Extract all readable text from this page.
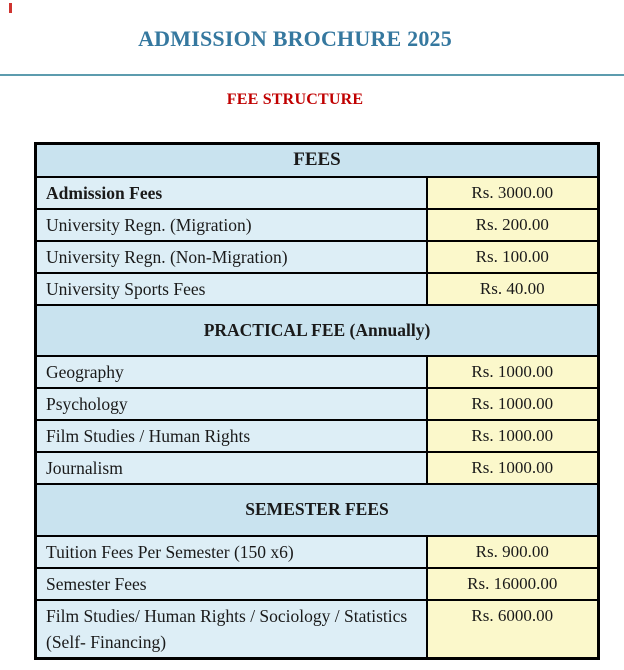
ADMISSION BROCHURE 2025
FEE STRUCTURE
FEES	
Admission Fees	Rs. 3000.00
University Regn. (Migration)	Rs. 200.00
University Regn. (Non-Migration)	Rs. 100.00
University Sports Fees	Rs. 40.00
PRACTICAL FEE (Annually)	
Geography	Rs. 1000.00
Psychology	Rs. 1000.00
Film Studies / Human Rights	Rs. 1000.00
Journalism	Rs. 1000.00
SEMESTER FEES	
Tuition Fees Per Semester (150 x6)	Rs. 900.00
Semester Fees	Rs. 16000.00
Film Studies/ Human Rights / Sociology / Statistics (Self- Financing)	Rs. 6000.00
